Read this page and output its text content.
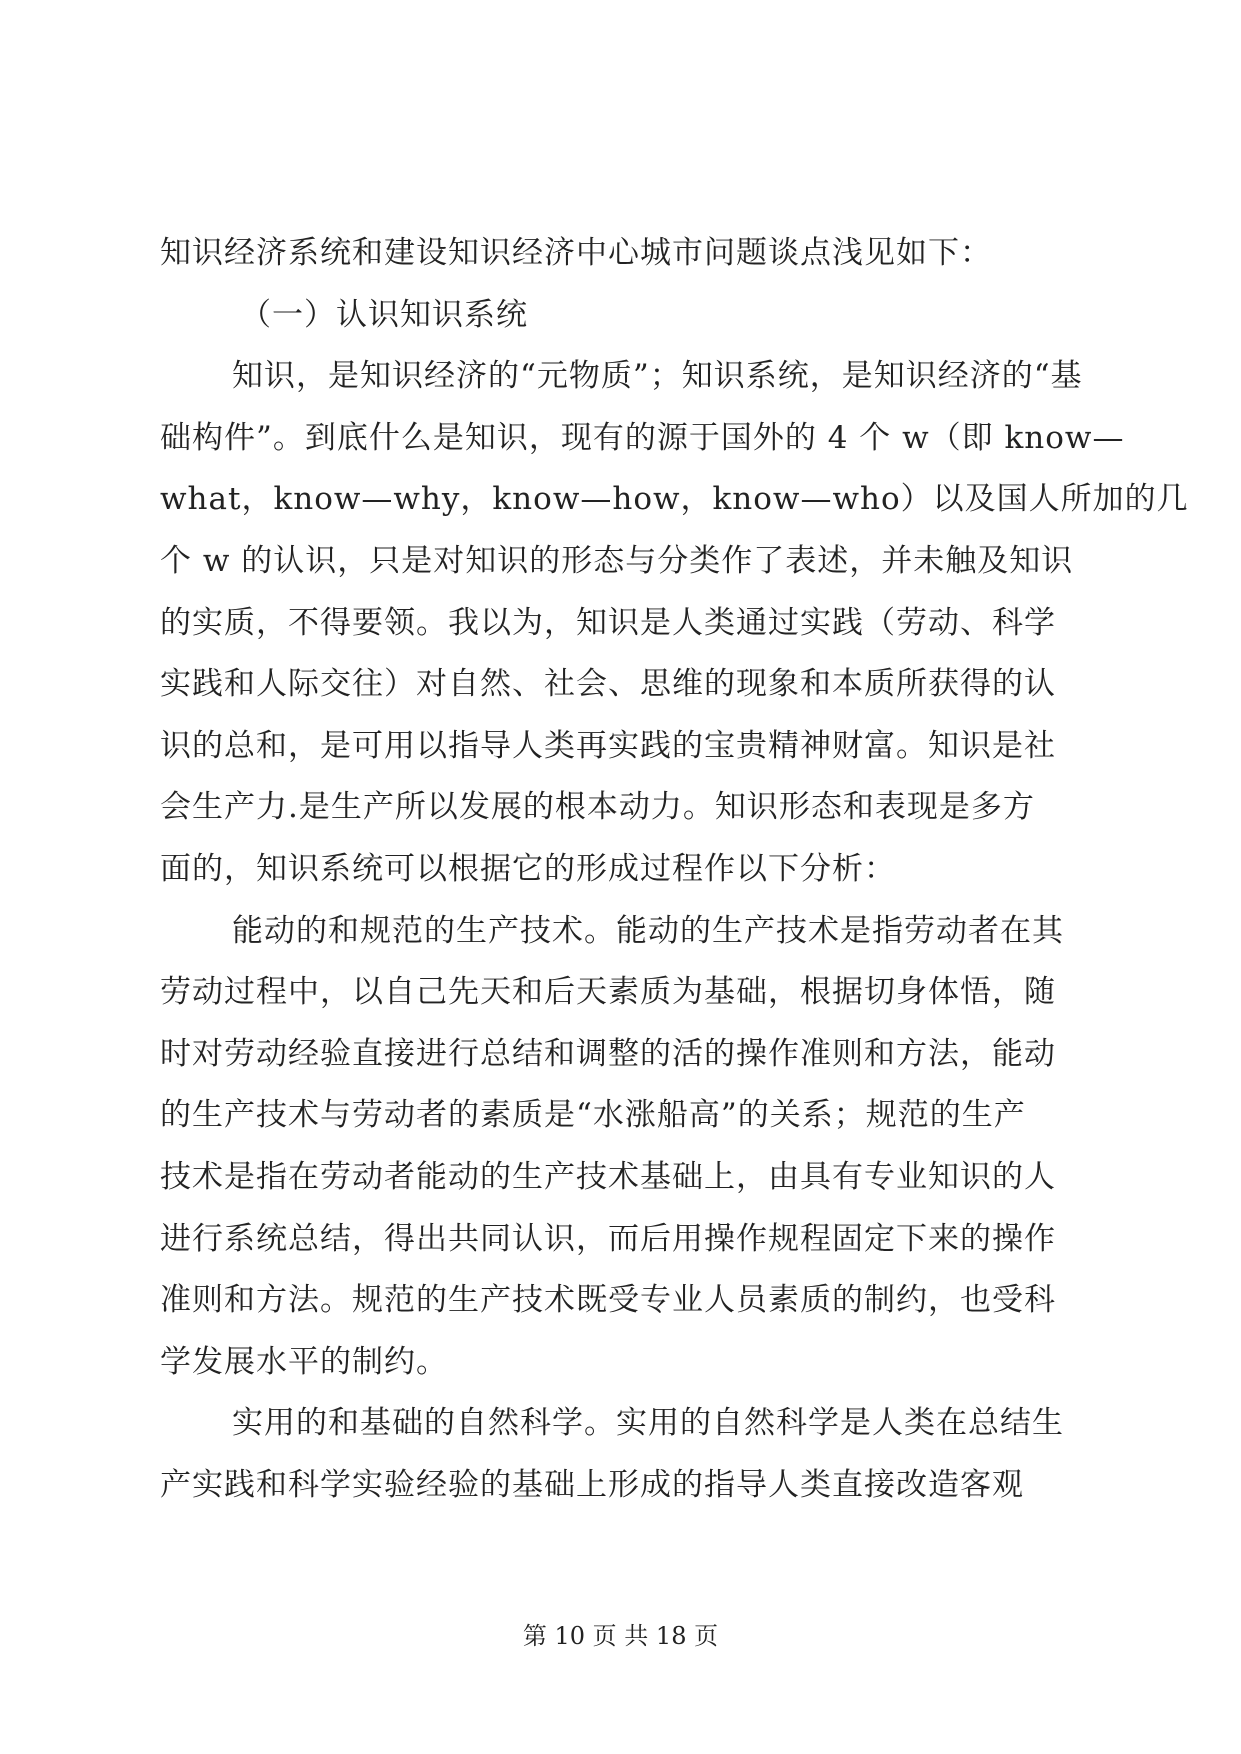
知识经济系统和建设知识经济中心城市问题谈点浅见如下：
（一）认识知识系统
知识，是知识经济的“元物质”；知识系统，是知识经济的“基
础构件”。到底什么是知识，现有的源于国外的 4 个 w（即 know—
what，know—why，know—how，know—who）以及国人所加的几
个 w 的认识，只是对知识的形态与分类作了表述，并未触及知识
的实质，不得要领。我以为，知识是人类通过实践（劳动、科学
实践和人际交往）对自然、社会、思维的现象和本质所获得的认
识的总和，是可用以指导人类再实践的宝贵精神财富。知识是社
会生产力.是生产所以发展的根本动力。知识形态和表现是多方
面的，知识系统可以根据它的形成过程作以下分析：
能动的和规范的生产技术。能动的生产技术是指劳动者在其
劳动过程中，以自己先天和后天素质为基础，根据切身体悟，随
时对劳动经验直接进行总结和调整的活的操作准则和方法，能动
的生产技术与劳动者的素质是“水涨船高”的关系；规范的生产
技术是指在劳动者能动的生产技术基础上，由具有专业知识的人
进行系统总结，得出共同认识，而后用操作规程固定下来的操作
准则和方法。规范的生产技术既受专业人员素质的制约，也受科
学发展水平的制约。
实用的和基础的自然科学。实用的自然科学是人类在总结生
产实践和科学实验经验的基础上形成的指导人类直接改造客观
第 10 页 共 18 页
